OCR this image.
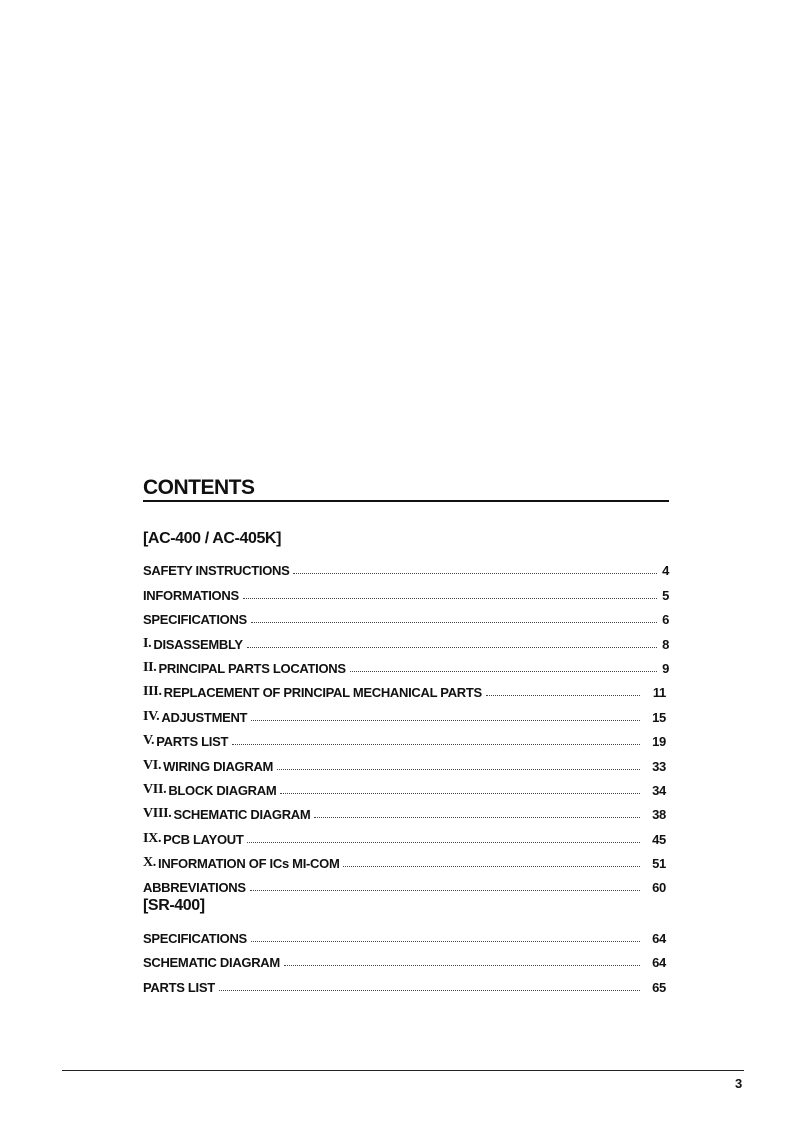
CONTENTS
[AC-400 / AC-405K]
SAFETY INSTRUCTIONS	4
INFORMATIONS	5
SPECIFICATIONS	6
I. DISASSEMBLY	8
II. PRINCIPAL PARTS LOCATIONS	9
III. REPLACEMENT OF PRINCIPAL MECHANICAL PARTS	11
IV. ADJUSTMENT	15
V. PARTS LIST	19
VI. WIRING DIAGRAM	33
VII. BLOCK DIAGRAM	34
VIII. SCHEMATIC DIAGRAM	38
IX. PCB LAYOUT	45
X. INFORMATION OF ICs MI-COM	51
ABBREVIATIONS	60
[SR-400]
SPECIFICATIONS	64
SCHEMATIC DIAGRAM	64
PARTS LIST	65
3
